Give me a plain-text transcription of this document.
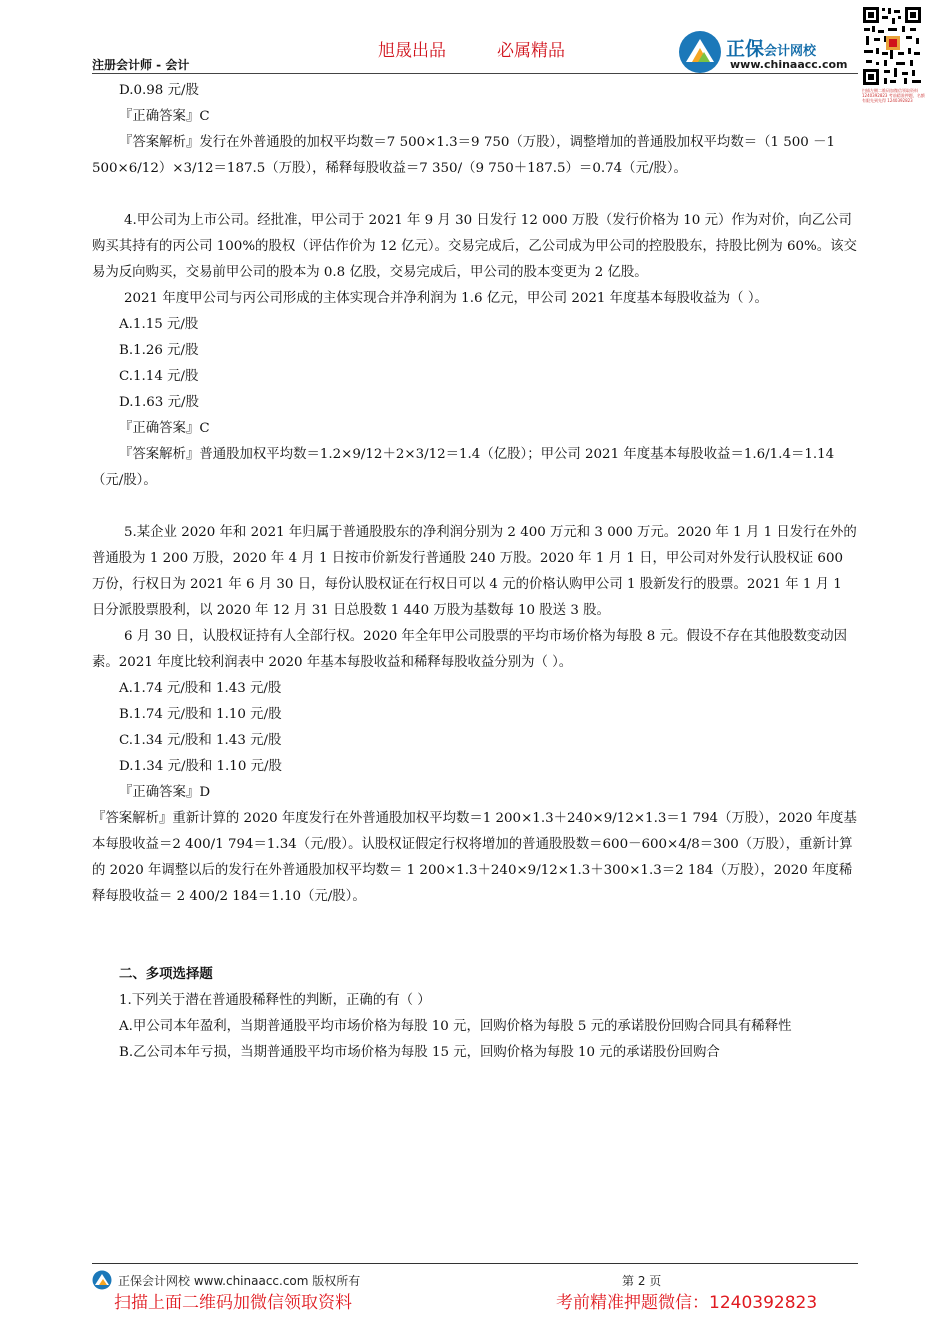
旭晟出品	必属精品
注册会计师 - 会计
正保会计网校
www.chinaacc.com
扫描左侧二维码加微信领取资料 1240392823 考前精准押题，名额有限先到先得 1240392823

D.0.98 元/股

『正确答案』C

『答案解析』发行在外普通股的加权平均数＝7 500×1.3＝9 750（万股），调整增加的普通股加权平均数＝（1 500 －1 500×6/12）×3/12＝187.5（万股），稀释每股收益＝7 350/（9 750＋187.5）＝0.74（元/股）。

4.甲公司为上市公司。经批准，甲公司于 2021 年 9 月 30 日发行 12 000 万股（发行价格为 10 元）作为对价，向乙公司购买其持有的丙公司 100%的股权（评估作价为 12 亿元）。交易完成后，乙公司成为甲公司的控股股东，持股比例为 60%。该交易为反向购买，交易前甲公司的股本为 0.8 亿股，交易完成后，甲公司的股本变更为 2 亿股。

2021 年度甲公司与丙公司形成的主体实现合并净利润为 1.6 亿元，甲公司 2021 年度基本每股收益为（ ）。

A.1.15 元/股

B.1.26 元/股

C.1.14 元/股

D.1.63 元/股

『正确答案』C

『答案解析』普通股加权平均数＝1.2×9/12＋2×3/12＝1.4（亿股）；甲公司 2021 年度基本每股收益＝1.6/1.4＝1.14（元/股）。

5.某企业 2020 年和 2021 年归属于普通股股东的净利润分别为 2 400 万元和 3 000 万元。2020 年 1 月 1 日发行在外的普通股为 1 200 万股，2020 年 4 月 1 日按市价新发行普通股 240 万股。2020 年 1 月 1 日，甲公司对外发行认股权证 600 万份，行权日为 2021 年 6 月 30 日，每份认股权证在行权日可以 4 元的价格认购甲公司 1 股新发行的股票。2021 年 1 月 1 日分派股票股利，以 2020 年 12 月 31 日总股数 1 440 万股为基数每 10 股送 3 股。

6 月 30 日，认股权证持有人全部行权。2020 年全年甲公司股票的平均市场价格为每股 8 元。假设不存在其他股数变动因素。2021 年度比较利润表中 2020 年基本每股收益和稀释每股收益分别为（ ）。

A.1.74 元/股和 1.43 元/股

B.1.74 元/股和 1.10 元/股

C.1.34 元/股和 1.43 元/股

D.1.34 元/股和 1.10 元/股

『正确答案』D

『答案解析』重新计算的 2020 年度发行在外普通股加权平均数＝1 200×1.3＋240×9/12×1.3＝1 794（万股），2020 年度基本每股收益＝2 400/1 794＝1.34（元/股）。认股权证假定行权将增加的普通股股数＝600－600×4/8＝300（万股），重新计算的 2020 年调整以后的发行在外普通股加权平均数＝ 1 200×1.3＋240×9/12×1.3＋300×1.3＝2 184（万股），2020 年度稀释每股收益＝ 2 400/2 184＝1.10（元/股）。

二、多项选择题

1.下列关于潜在普通股稀释性的判断，正确的有（ ）

A.甲公司本年盈利，当期普通股平均市场价格为每股 10 元，回购价格为每股 5 元的承诺股份回购合同具有稀释性

B.乙公司本年亏损，当期普通股平均市场价格为每股 15 元，回购价格为每股 10 元的承诺股份回购合

正保会计网校 www.chinaacc.com 版权所有	第 2 页
扫描上面二维码加微信领取资料	考前精准押题微信：1240392823
